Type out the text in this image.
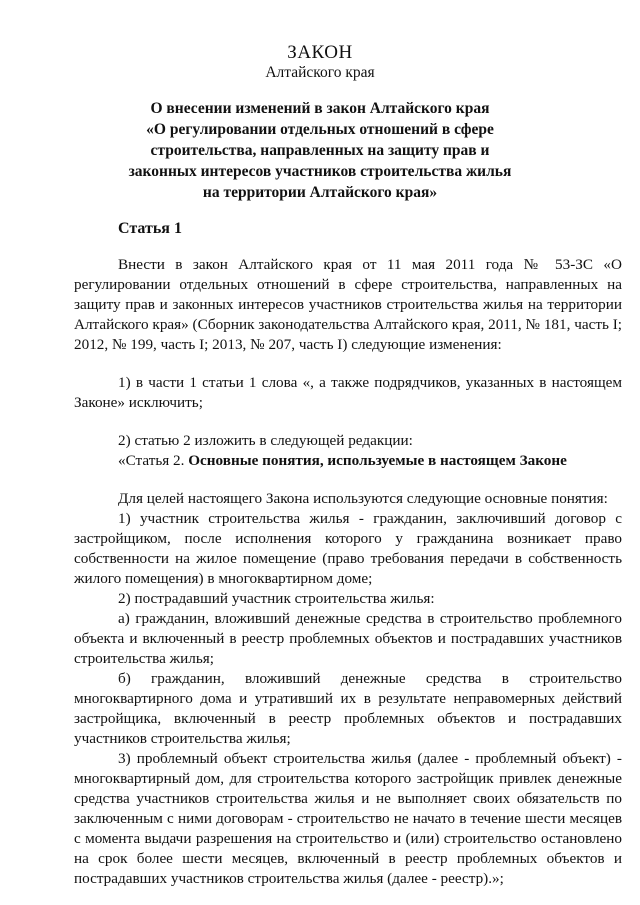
ЗАКОН
Алтайского края
О внесении изменений в закон Алтайского края
«О регулировании отдельных отношений в сфере
строительства, направленных на защиту прав и
законных интересов участников строительства жилья
на территории Алтайского края»
Статья 1

Внести в закон Алтайского края от 11 мая 2011 года № 53-ЗС «О регулировании отдельных отношений в сфере строительства, направленных на защиту прав и законных интересов участников строительства жилья на территории Алтайского края» (Сборник законодательства Алтайского края, 2011, № 181, часть I; 2012, № 199, часть I; 2013, № 207, часть I) следующие изменения:

1) в части 1 статьи 1 слова «, а также подрядчиков, указанных в настоящем Законе» исключить;

2) статью 2 изложить в следующей редакции:

«Статья 2. Основные понятия, используемые в настоящем Законе

Для целей настоящего Закона используются следующие основные понятия:

1) участник строительства жилья - гражданин, заключивший договор с застройщиком, после исполнения которого у гражданина возникает право собственности на жилое помещение (право требования передачи в собственность жилого помещения) в многоквартирном доме;

2) пострадавший участник строительства жилья:

а) гражданин, вложивший денежные средства в строительство проблемного объекта и включенный в реестр проблемных объектов и пострадавших участников строительства жилья;

б) гражданин, вложивший денежные средства в строительство многоквартирного дома и утративший их в результате неправомерных действий застройщика, включенный в реестр проблемных объектов и пострадавших участников строительства жилья;

3) проблемный объект строительства жилья (далее - проблемный объект) - многоквартирный дом, для строительства которого застройщик привлек денежные средства участников строительства жилья и не выполняет своих обязательств по заключенным с ними договорам - строительство не начато в течение шести месяцев с момента выдачи разрешения на строительство и (или) строительство остановлено на срок более шести месяцев, включенный в реестр проблемных объектов и пострадавших участников строительства жилья (далее - реестр).»;
